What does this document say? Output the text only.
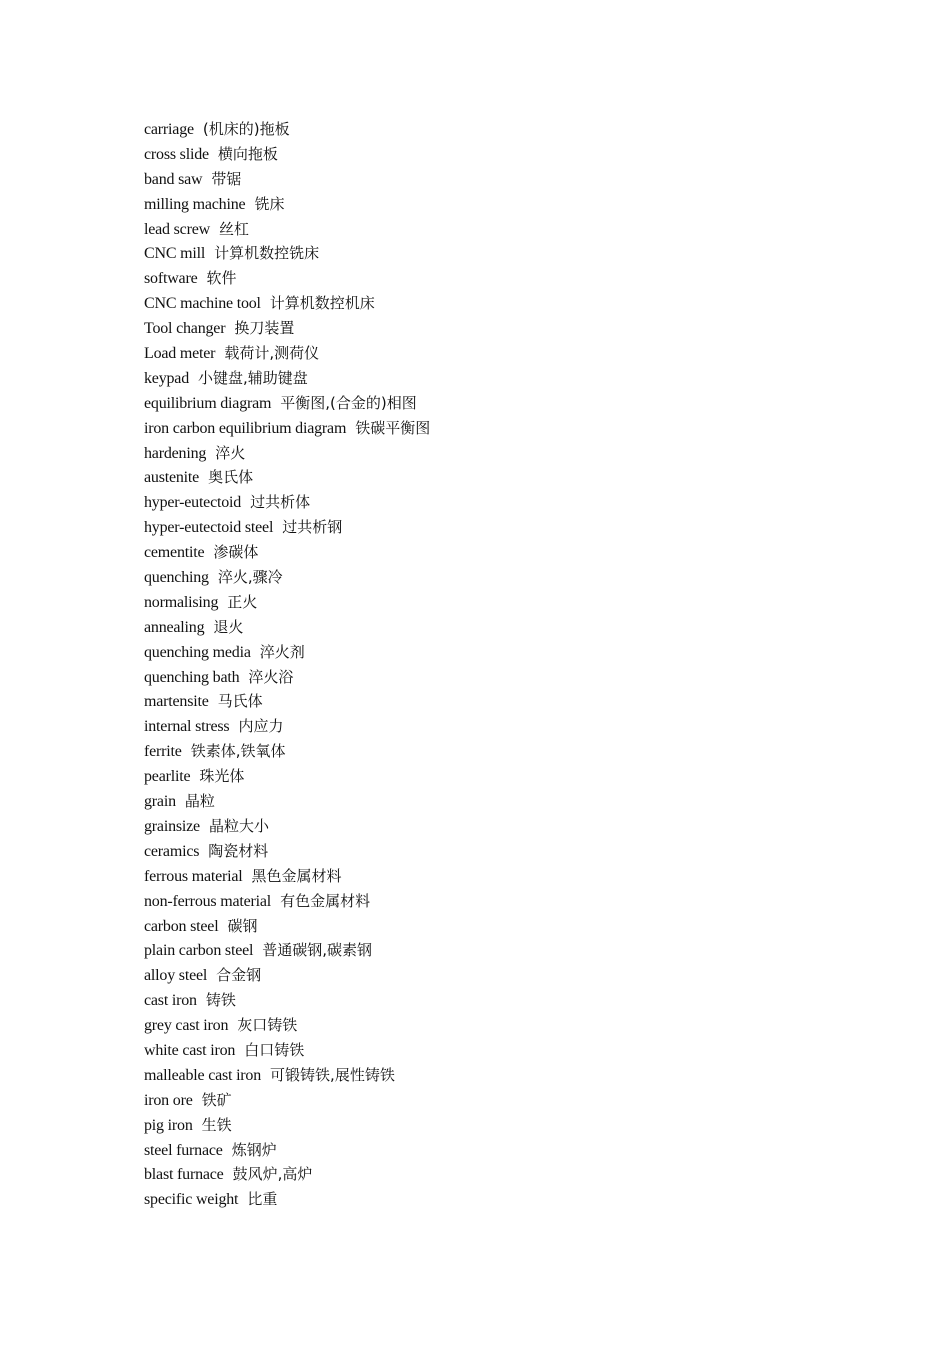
carriage (机床的)拖板
cross slide 横向拖板
band saw 带锯
milling machine 铣床
lead screw 丝杠
CNC mill 计算机数控铣床
software 软件
CNC machine tool 计算机数控机床
Tool changer 换刀装置
Load meter 载荷计,测荷仪
keypad 小键盘,辅助键盘
equilibrium diagram 平衡图,(合金的)相图
iron carbon equilibrium diagram 铁碳平衡图
hardening 淬火
austenite 奥氏体
hyper-eutectoid 过共析体
hyper-eutectoid steel 过共析钢
cementite 渗碳体
quenching 淬火,骤冷
normalising 正火
annealing 退火
quenching media 淬火剂
quenching bath 淬火浴
martensite 马氏体
internal stress 内应力
ferrite 铁素体,铁氧体
pearlite 珠光体
grain 晶粒
grainsize 晶粒大小
ceramics 陶瓷材料
ferrous material 黑色金属材料
non-ferrous material 有色金属材料
carbon steel 碳钢
plain carbon steel 普通碳钢,碳素钢
alloy steel 合金钢
cast iron 铸铁
grey cast iron 灰口铸铁
white cast iron 白口铸铁
malleable cast iron 可锻铸铁,展性铸铁
iron ore 铁矿
pig iron 生铁
steel furnace 炼钢炉
blast furnace 鼓风炉,高炉
specific weight 比重
